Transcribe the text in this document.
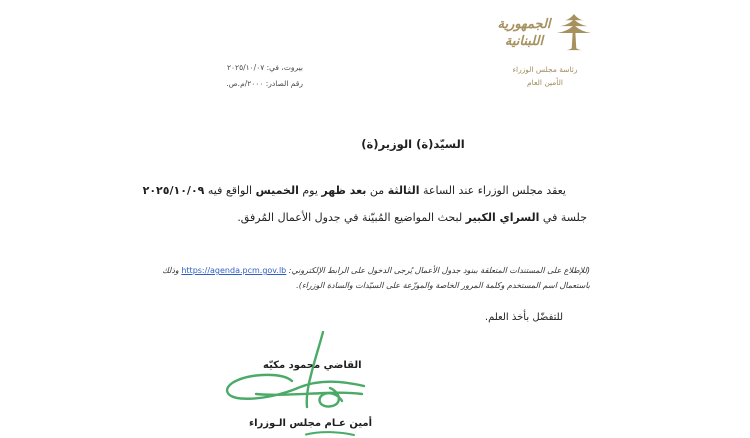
الجمهورية
اللبنانية
رئاسة مجلس الوزراء
الأمين العام
بيروت، في: ٢٠٢٥/١٠/٠٧
رقم الصادر: ٢٠٠٠/م.ص.
السيّد(ة) الوزير(ة)
يعقد مجلس الوزراء عند الساعة الثالثة من بعد ظهر يوم الخميس الواقع فيه ٢٠٢٥/١٠/٠٩
جلسة في السراي الكبير لبحث المواضيع المُبيّنة في جدول الأعمال المُرفق.
(للإطلاع على المستندات المتعلقة ببنود جدول الأعمال يُرجى الدخول على الرابط الإلكتروني: https://agenda.pcm.gov.lb وذلك
باستعمال اسم المستخدم وكلمة المرور الخاصة والموزّعة على السيّدات والسادة الوزراء).
للتفضّل بأخذ العلم.
القاضي محمود مكيّه
أمين عـام مجلس الـوزراء
